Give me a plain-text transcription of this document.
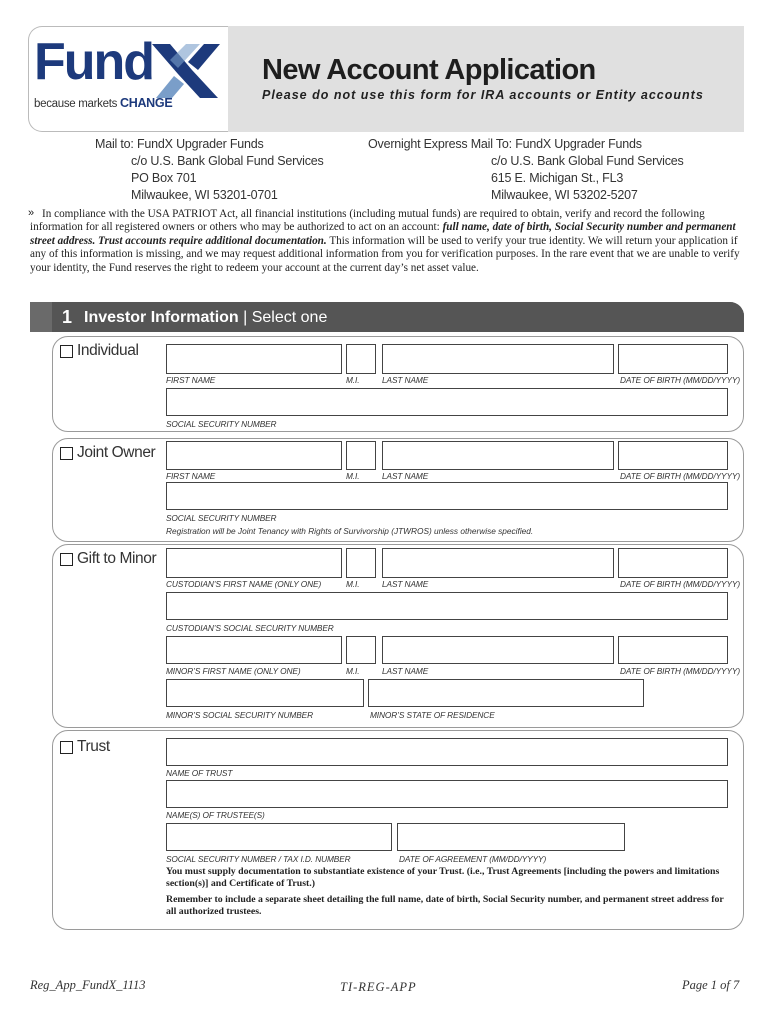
Fund
because markets CHANGE
New Account Application
Please do not use this form for IRA accounts or Entity accounts
Mail to: FundX Upgrader Funds
c/o U.S. Bank Global Fund Services
PO Box 701
Milwaukee, WI 53201-0701
Overnight Express Mail To: FundX Upgrader Funds
c/o U.S. Bank Global Fund Services
615 E. Michigan St., FL3
Milwaukee, WI 53202-5207
» In compliance with the USA PATRIOT Act, all financial institutions (including mutual funds) are required to obtain, verify and record the following information for all registered owners or others who may be authorized to act on an account: full name, date of birth, Social Security number and permanent street address. Trust accounts require additional documentation. This information will be used to verify your true identity. We will return your application if any of this information is missing, and we may request additional information from you for verification purposes. In the rare event that we are unable to verify your identity, the Fund reserves the right to redeem your account at the current day’s net asset value.
1 Investor Information | Select one
Individual
FIRST NAME	M.I.	LAST NAME	DATE OF BIRTH (MM/DD/YYYY)
SOCIAL SECURITY NUMBER
Joint Owner
FIRST NAME	M.I.	LAST NAME	DATE OF BIRTH (MM/DD/YYYY)
SOCIAL SECURITY NUMBER
Registration will be Joint Tenancy with Rights of Survivorship (JTWROS) unless otherwise specified.
Gift to Minor
CUSTODIAN’S FIRST NAME (ONLY ONE)	M.I.	LAST NAME	DATE OF BIRTH (MM/DD/YYYY)
CUSTODIAN’S SOCIAL SECURITY NUMBER
MINOR’S FIRST NAME (ONLY ONE)	M.I.	LAST NAME	DATE OF BIRTH (MM/DD/YYYY)
MINOR’S SOCIAL SECURITY NUMBER	MINOR’S STATE OF RESIDENCE
Trust
NAME OF TRUST
NAME(S) OF TRUSTEE(S)
SOCIAL SECURITY NUMBER / TAX I.D. NUMBER	DATE OF AGREEMENT (MM/DD/YYYY)
You must supply documentation to substantiate existence of your Trust. (i.e., Trust Agreements [including the powers and limitations section(s)] and Certificate of Trust.)
Remember to include a separate sheet detailing the full name, date of birth, Social Security number, and permanent street address for all authorized trustees.
Reg_App_FundX_1113	TI-REG-APP	Page 1 of 7
